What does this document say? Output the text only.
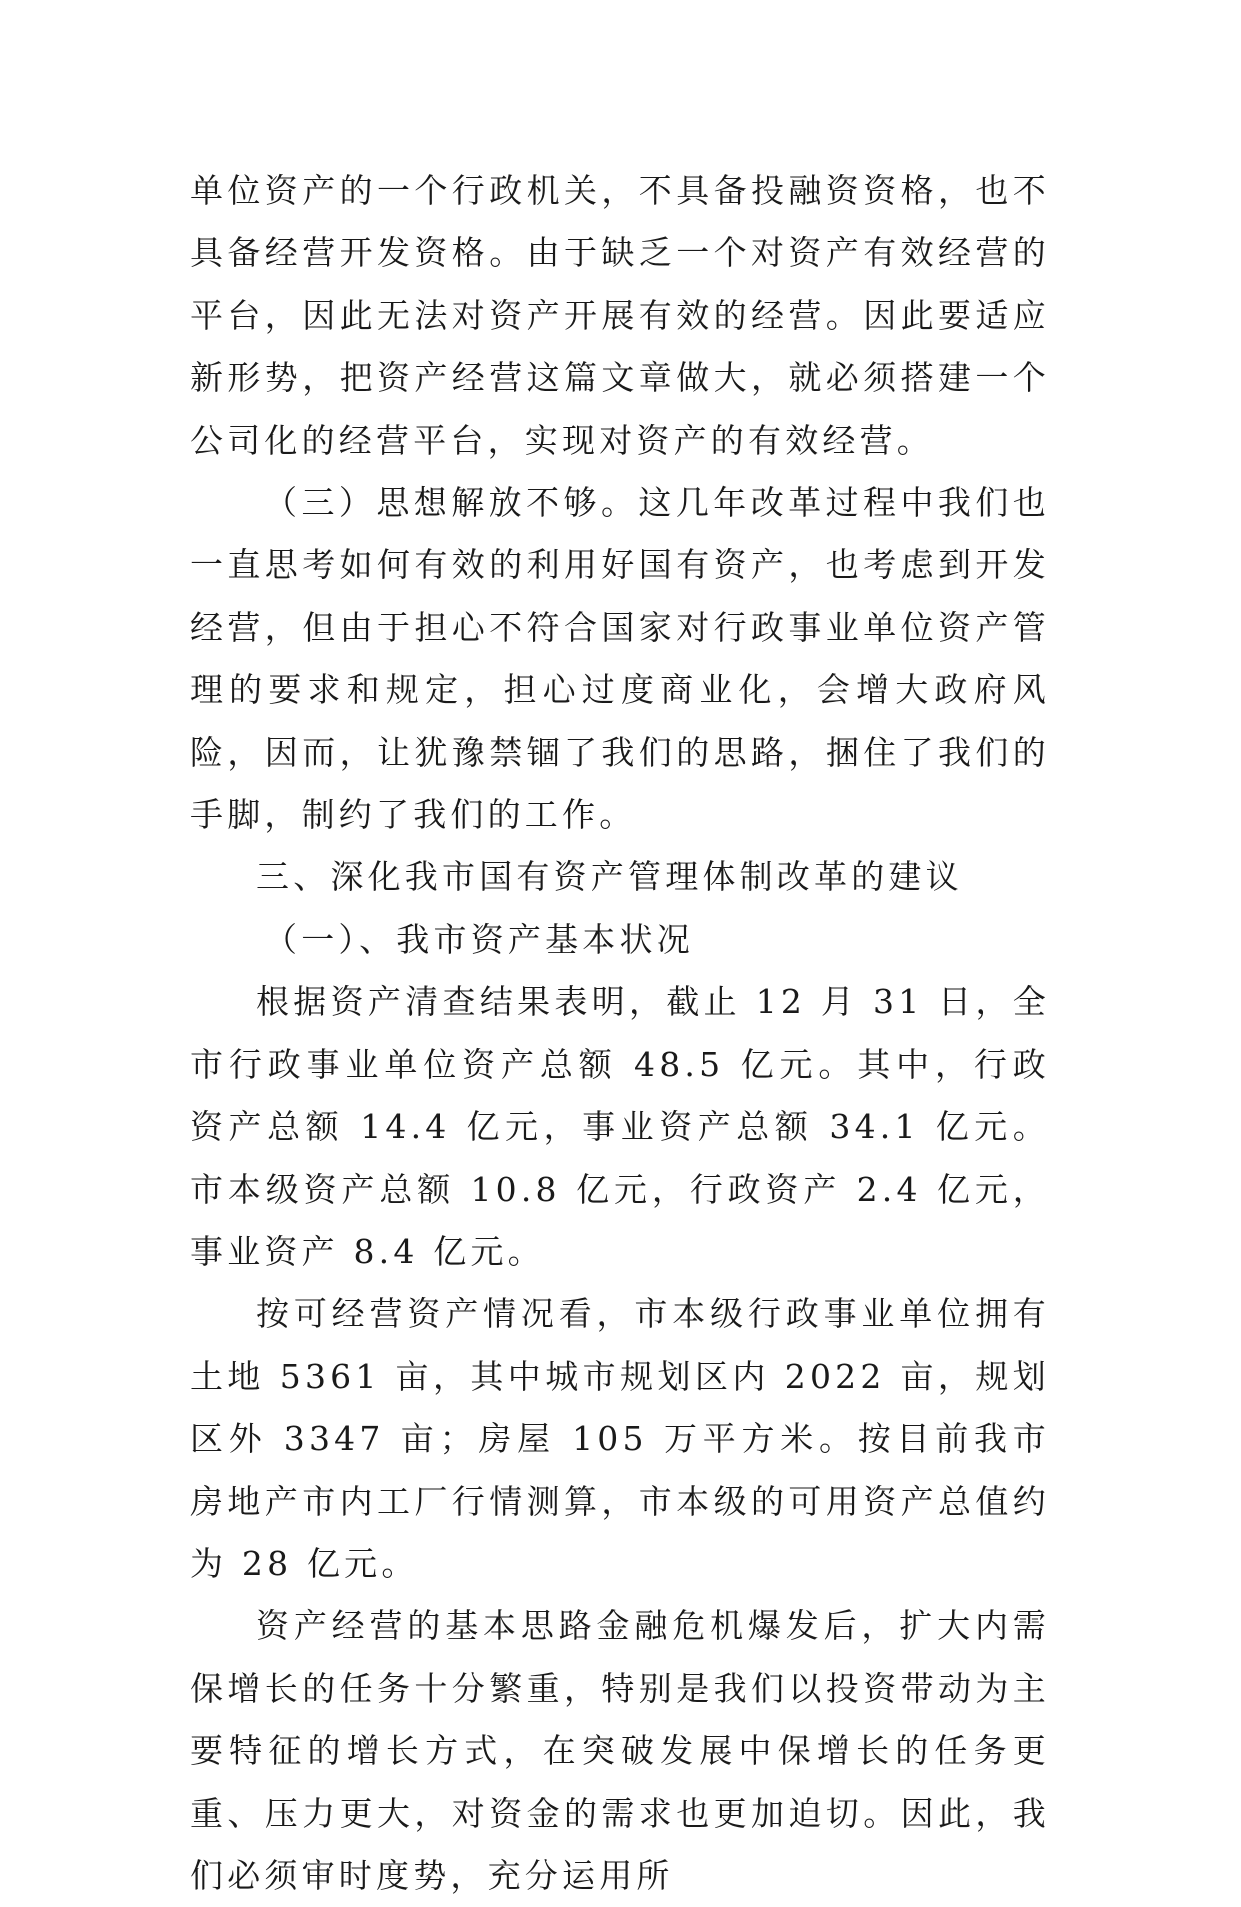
单位资产的一个行政机关，不具备投融资资格，也不具备经营开发资格。由于缺乏一个对资产有效经营的平台，因此无法对资产开展有效的经营。因此要适应新形势，把资产经营这篇文章做大，就必须搭建一个公司化的经营平台，实现对资产的有效经营。

（三）思想解放不够。这几年改革过程中我们也一直思考如何有效的利用好国有资产，也考虑到开发经营，但由于担心不符合国家对行政事业单位资产管理的要求和规定，担心过度商业化，会增大政府风险，因而，让犹豫禁锢了我们的思路，捆住了我们的手脚，制约了我们的工作。

三、深化我市国有资产管理体制改革的建议

（一）、我市资产基本状况

根据资产清查结果表明，截止 12 月 31 日，全市行政事业单位资产总额 48.5 亿元。其中，行政资产总额 14.4 亿元，事业资产总额 34.1 亿元。市本级资产总额 10.8 亿元，行政资产 2.4 亿元，事业资产 8.4 亿元。

按可经营资产情况看，市本级行政事业单位拥有土地 5361 亩，其中城市规划区内 2022 亩，规划区外 3347 亩；房屋 105 万平方米。按目前我市房地产市内工厂行情测算，市本级的可用资产总值约为 28 亿元。

资产经营的基本思路金融危机爆发后，扩大内需保增长的任务十分繁重，特别是我们以投资带动为主要特征的增长方式，在突破发展中保增长的任务更重、压力更大，对资金的需求也更加迫切。因此，我们必须审时度势，充分运用所
